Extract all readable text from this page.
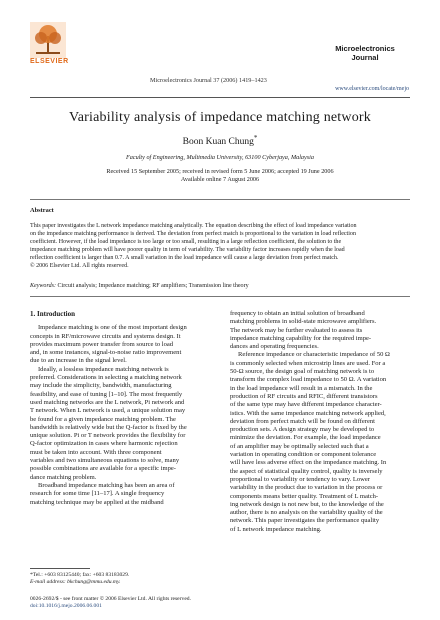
ELSEVIER
Microelectronics Journal 37 (2006) 1419–1423
Microelectronics
Journal
www.elsevier.com/locate/mejo
Variability analysis of impedance matching network
Boon Kuan Chung*
Faculty of Engineering, Multimedia University, 63100 Cyberjaya, Malaysia
Received 15 September 2005; received in revised form 5 June 2006; accepted 19 June 2006
Available online 7 August 2006
Abstract
This paper investigates the L network impedance matching analytically. The equation describing the effect of load impedance variation
on the impedance matching performance is derived. The deviation from perfect match is proportional to the variation in load reflection
coefficient. However, if the load impedance is too large or too small, resulting in a large reflection coefficient, the solution to the
impedance matching problem will have poorer quality in term of variability. The variability factor increases rapidly when the load
reflection coefficient is larger than 0.7. A small variation in the load impedance will cause a large deviation from perfect match.
© 2006 Elsevier Ltd. All rights reserved.
Keywords: Circuit analysis; Impedance matching; RF amplifiers; Transmission line theory
1. Introduction
Impedance matching is one of the most important design
concepts in RF/microwave circuits and systems design. It
provides maximum power transfer from source to load
and, in some instances, signal-to-noise ratio improvement
due to an increase in the signal level.
Ideally, a lossless impedance matching network is
preferred. Considerations in selecting a matching network
may include the simplicity, bandwidth, manufacturing
feasibility, and ease of tuning [1–10]. The most frequently
used matching networks are the L network, Pi network and
T network. When L network is used, a unique solution may
be found for a given impedance matching problem. The
bandwidth is relatively wide but the Q-factor is fixed by the
unique solution. Pi or T network provides the flexibility for
Q-factor optimization in cases where harmonic rejection
must be taken into account. With three component
variables and two simultaneous equations to solve, many
possible combinations are available for a specific impe-
dance matching problem.
Broadband impedance matching has been an area of
research for some time [11–17]. A single frequency
matching technique may be applied at the midband
frequency to obtain an initial solution of broadband
matching problems in solid-state microwave amplifiers.
The network may be further evaluated to assess its
impedance matching capability for the required impe-
dances and operating frequencies.
Reference impedance or characteristic impedance of 50 Ω
is commonly selected when microstrip lines are used. For a
50-Ω source, the design goal of matching network is to
transform the complex load impedance to 50 Ω. A variation
in the load impedance will result in a mismatch. In the
production of RF circuits and RFIC, different transistors
of the same type may have different impedance character-
istics. With the same impedance matching network applied,
deviation from perfect match will be found on different
production sets. A design strategy may be developed to
minimize the deviation. For example, the load impedance
of an amplifier may be optimally selected such that a
variation in operating condition or component tolerance
will have less adverse effect on the impedance matching. In
the aspect of statistical quality control, quality is inversely
proportional to variability or tendency to vary. Lower
variability in the product due to variation in the process or
components means better quality. Treatment of L match-
ing network design is not new but, to the knowledge of the
author, there is no analysis on the variability quality of the
network. This paper investigates the performance quality
of L network impedance matching.
*Tel.: +603 83125440; fax: +603 83183029.
E-mail address: bkchung@mmu.edu.my.
0026-2692/$ - see front matter © 2006 Elsevier Ltd. All rights reserved.
doi:10.1016/j.mejo.2006.06.001
